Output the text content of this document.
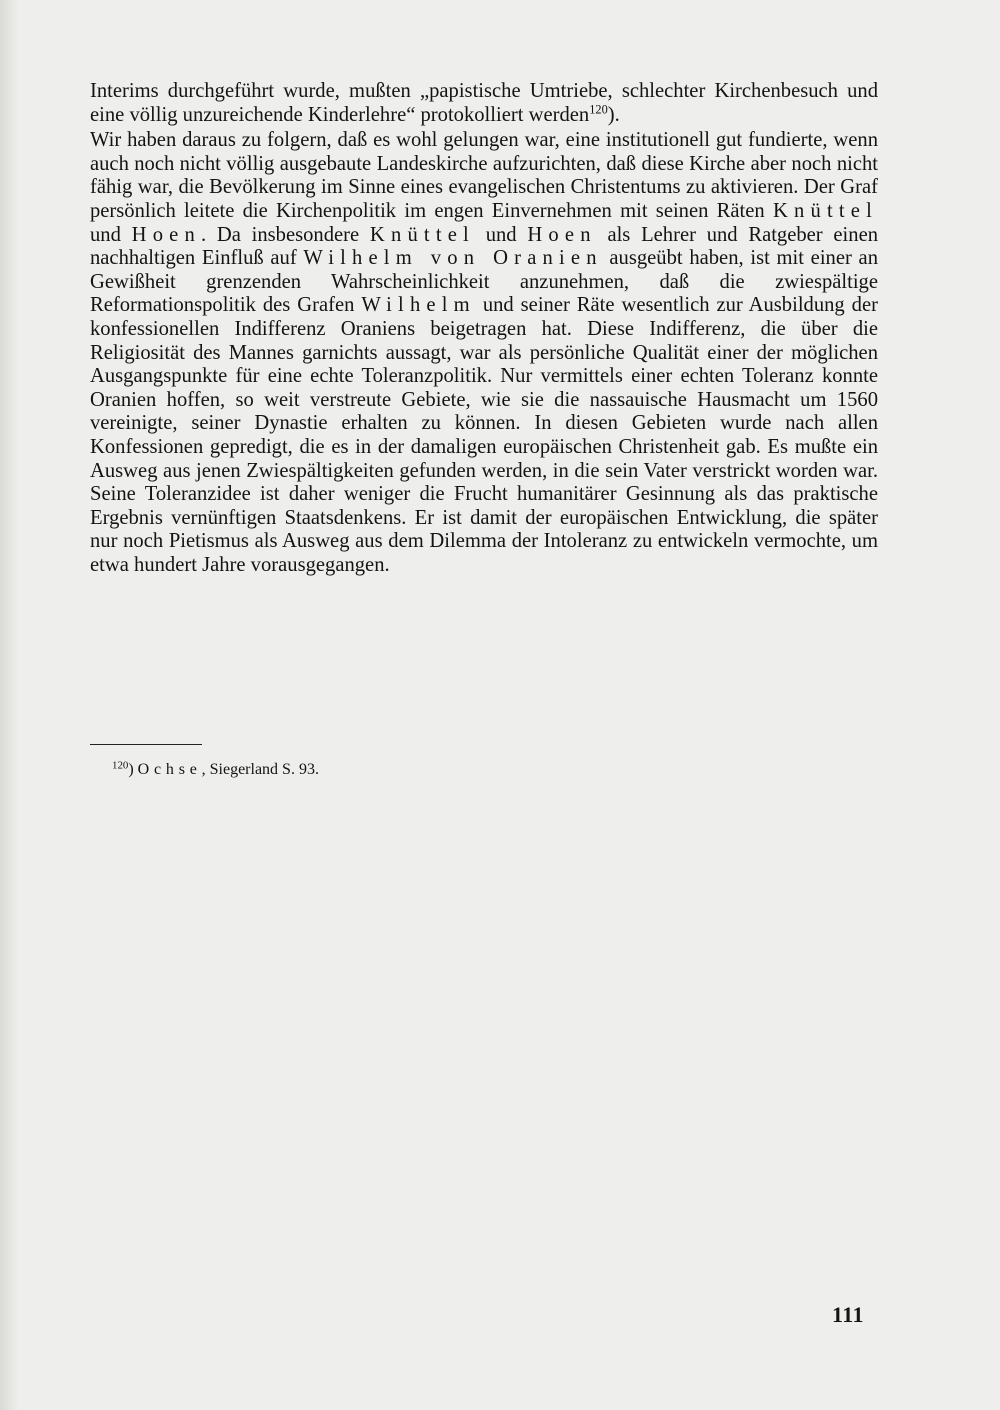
Interims durchgeführt wurde, mußten „papistische Umtriebe, schlechter Kirchenbesuch und eine völlig unzureichende Kinderlehre“ protokolliert werden$^{120}$).

Wir haben daraus zu folgern, daß es wohl gelungen war, eine institutionell gut fundierte, wenn auch noch nicht völlig ausgebaute Landeskirche aufzurichten, daß diese Kirche aber noch nicht fähig war, die Bevölkerung im Sinne eines evangelischen Christentums zu aktivieren. Der Graf persönlich leitete die Kirchenpolitik im engen Einvernehmen mit seinen Räten Knüttel und Hoen. Da insbesondere Knüttel und Hoen als Lehrer und Ratgeber einen nachhaltigen Einfluß auf Wilhelm von Oranien ausgeübt haben, ist mit einer an Gewißheit grenzenden Wahrscheinlichkeit anzunehmen, daß die zwiespältige Reformationspolitik des Grafen Wilhelm und seiner Räte wesentlich zur Ausbildung der konfessionellen Indifferenz Oraniens beigetragen hat. Diese Indifferenz, die über die Religiosität des Mannes garnichts aussagt, war als persönliche Qualität einer der möglichen Ausgangspunkte für eine echte Toleranzpolitik. Nur vermittels einer echten Toleranz konnte Oranien hoffen, so weit verstreute Gebiete, wie sie die nassauische Hausmacht um 1560 vereinigte, seiner Dynastie erhalten zu können. In diesen Gebieten wurde nach allen Konfessionen gepredigt, die es in der damaligen europäischen Christenheit gab. Es mußte ein Ausweg aus jenen Zwiespältigkeiten gefunden werden, in die sein Vater verstrickt worden war. Seine Toleranzidee ist daher weniger die Frucht humanitärer Gesinnung als das praktische Ergebnis vernünftigen Staatsdenkens. Er ist damit der europäischen Entwicklung, die später nur noch Pietismus als Ausweg aus dem Dilemma der Intoleranz zu entwickeln vermochte, um etwa hundert Jahre vorausgegangen.

$^{120}$) Ochse, Siegerland S. 93.
111
